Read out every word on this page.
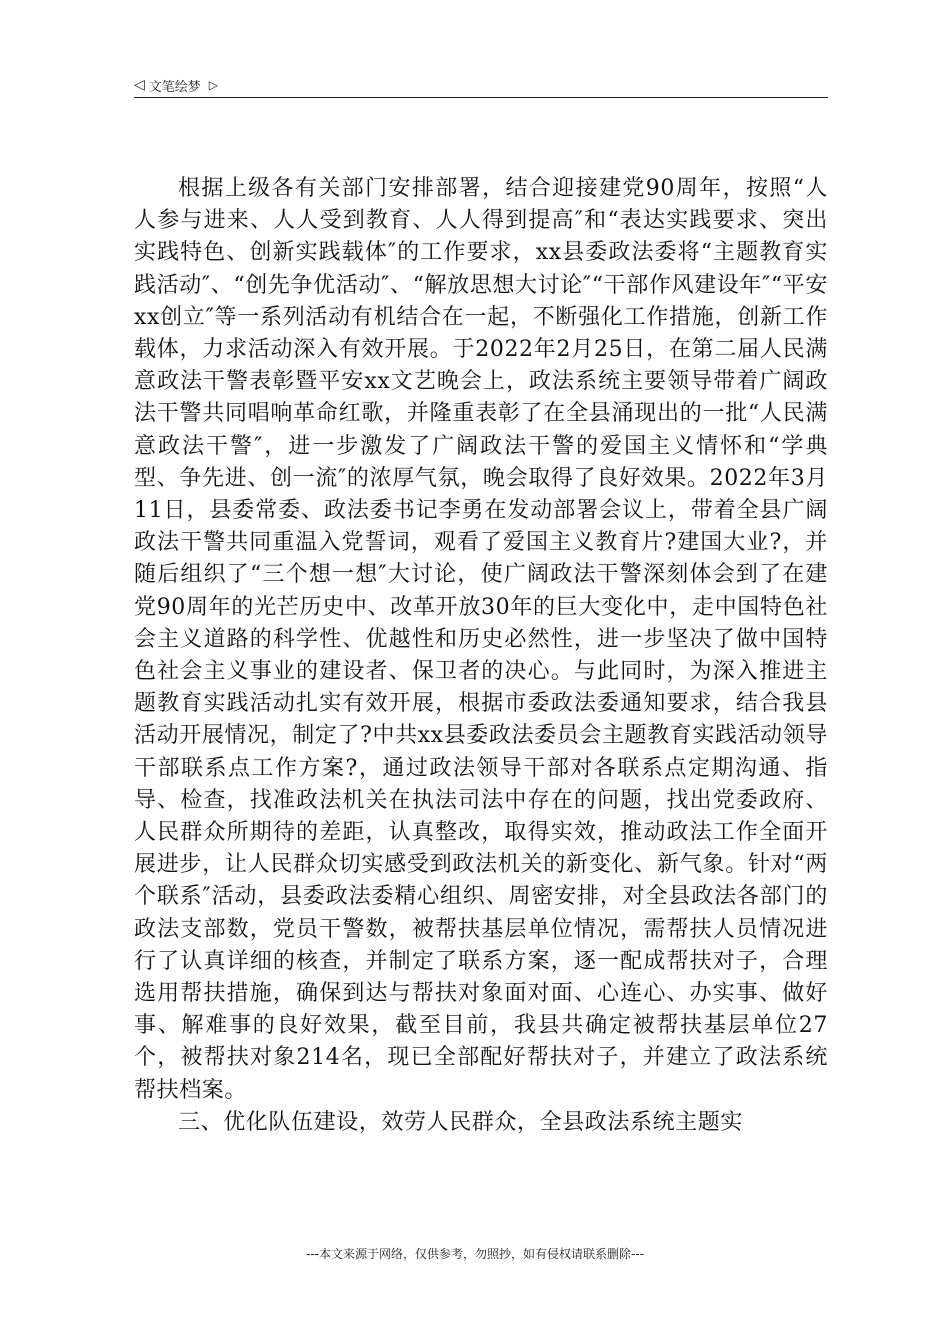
◁ 文笔绘梦 ▷

根据上级各有关部门安排部署，结合迎接建党90周年，按照“人人参与进来、人人受到教育、人人得到提高″和“表达实践要求、突出实践特色、创新实践载体″的工作要求，xx县委政法委将“主题教育实践活动″、“创先争优活动″、“解放思想大讨论″“干部作风建设年″“平安xx创立″等一系列活动有机结合在一起，不断强化工作措施，创新工作载体，力求活动深入有效开展。于2022年2月25日，在第二届人民满意政法干警表彰暨平安xx文艺晚会上，政法系统主要领导带着广阔政法干警共同唱响革命红歌，并隆重表彰了在全县涌现出的一批“人民满意政法干警″，进一步激发了广阔政法干警的爱国主义情怀和“学典型、争先进、创一流″的浓厚气氛，晚会取得了良好效果。2022年3月11日，县委常委、政法委书记李勇在发动部署会议上，带着全县广阔政法干警共同重温入党誓词，观看了爱国主义教育片?建国大业?，并随后组织了“三个想一想″大讨论，使广阔政法干警深刻体会到了在建党90周年的光芒历史中、改革开放30年的巨大变化中，走中国特色社会主义道路的科学性、优越性和历史必然性，进一步坚决了做中国特色社会主义事业的建设者、保卫者的决心。与此同时，为深入推进主题教育实践活动扎实有效开展，根据市委政法委通知要求，结合我县活动开展情况，制定了?中共xx县委政法委员会主题教育实践活动领导干部联系点工作方案?，通过政法领导干部对各联系点定期沟通、指导、检查，找准政法机关在执法司法中存在的问题，找出党委政府、人民群众所期待的差距，认真整改，取得实效，推动政法工作全面开展进步，让人民群众切实感受到政法机关的新变化、新气象。针对“两个联系″活动，县委政法委精心组织、周密安排，对全县政法各部门的政法支部数，党员干警数，被帮扶基层单位情况，需帮扶人员情况进行了认真详细的核查，并制定了联系方案，逐一配成帮扶对子，合理选用帮扶措施，确保到达与帮扶对象面对面、心连心、办实事、做好事、解难事的良好效果，截至目前，我县共确定被帮扶基层单位27个，被帮扶对象214名，现已全部配好帮扶对子，并建立了政法系统帮扶档案。

三、优化队伍建设，效劳人民群众，全县政法系统主题实

---本文来源于网络，仅供参考，勿照抄，如有侵权请联系删除---
